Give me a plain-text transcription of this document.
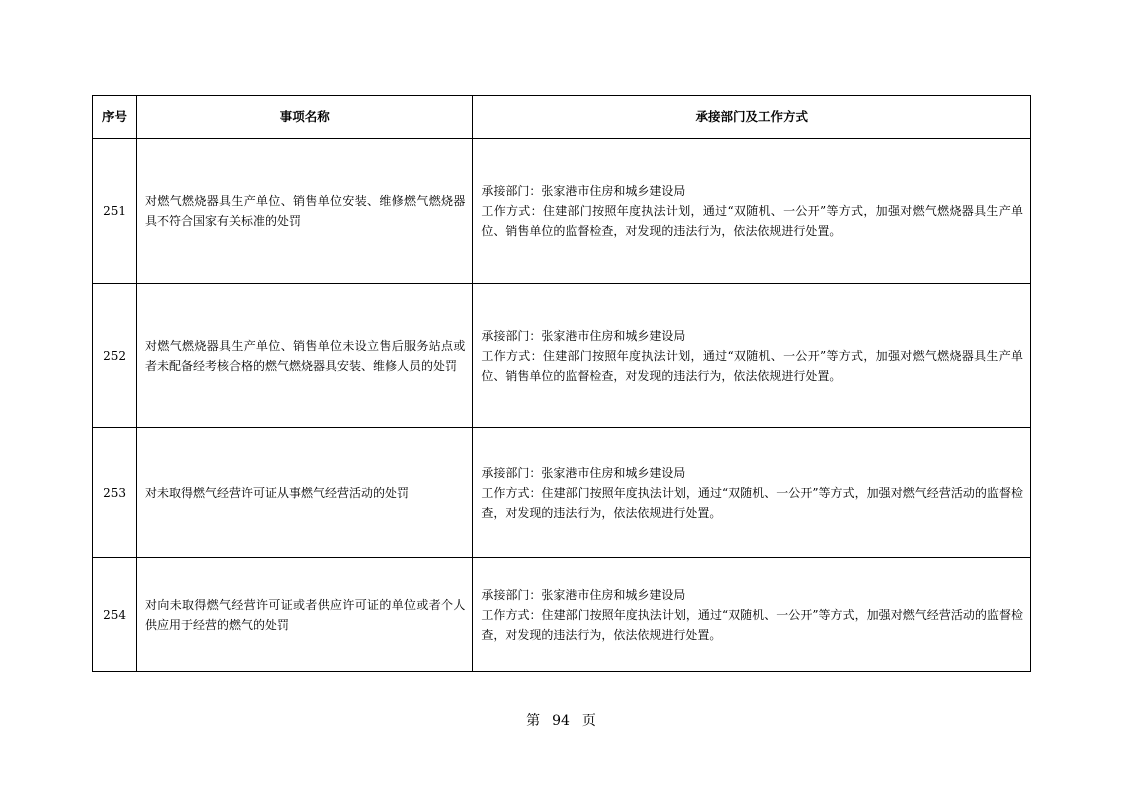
序号	事项名称	承接部门及工作方式
251	对燃气燃烧器具生产单位、销售单位安装、维修燃气燃烧器具不符合国家有关标准的处罚	承接部门：张家港市住房和城乡建设局
工作方式：住建部门按照年度执法计划，通过“双随机、一公开”等方式，加强对燃气燃烧器具生产单位、销售单位的监督检查，对发现的违法行为，依法依规进行处置。

252	对燃气燃烧器具生产单位、销售单位未设立售后服务站点或者未配备经考核合格的燃气燃烧器具安装、维修人员的处罚	承接部门：张家港市住房和城乡建设局
工作方式：住建部门按照年度执法计划，通过“双随机、一公开”等方式，加强对燃气燃烧器具生产单位、销售单位的监督检查，对发现的违法行为，依法依规进行处置。

253	对未取得燃气经营许可证从事燃气经营活动的处罚	承接部门：张家港市住房和城乡建设局
工作方式：住建部门按照年度执法计划，通过“双随机、一公开”等方式，加强对燃气经营活动的监督检查，对发现的违法行为，依法依规进行处置。

254	对向未取得燃气经营许可证或者供应许可证的单位或者个人供应用于经营的燃气的处罚	承接部门：张家港市住房和城乡建设局
工作方式：住建部门按照年度执法计划，通过“双随机、一公开”等方式，加强对燃气经营活动的监督检查，对发现的违法行为，依法依规进行处置。
第 94 页
